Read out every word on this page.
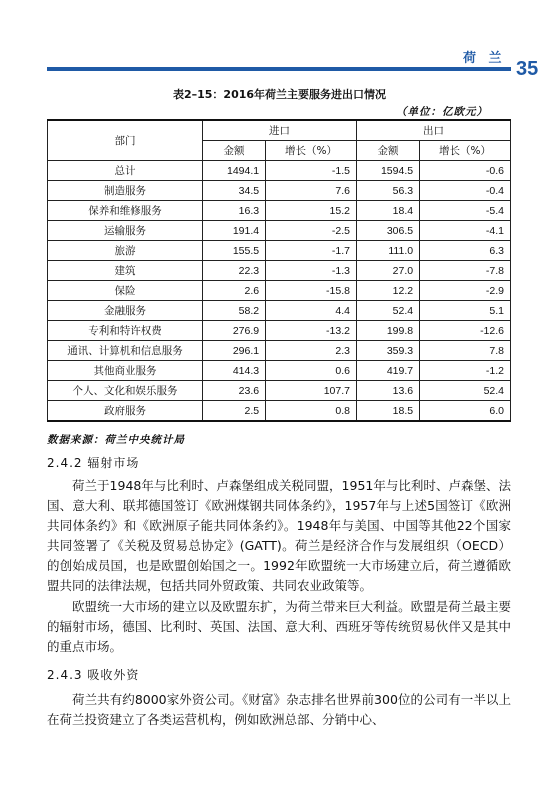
荷 兰 35
表2–15：2016年荷兰主要服务进出口情况
（单位：亿欧元）
部门	进口		出口	
	金额	增长（%）	金额	增长（%）
总计	1494.1	-1.5	1594.5	-0.6
制造服务	34.5	7.6	56.3	-0.4
保养和维修服务	16.3	15.2	18.4	-5.4
运输服务	191.4	-2.5	306.5	-4.1
旅游	155.5	-1.7	111.0	6.3
建筑	22.3	-1.3	27.0	-7.8
保险	2.6	-15.8	12.2	-2.9
金融服务	58.2	4.4	52.4	5.1
专利和特许权费	276.9	-13.2	199.8	-12.6
通讯、计算机和信息服务	296.1	2.3	359.3	7.8
其他商业服务	414.3	0.6	419.7	-1.2
个人、文化和娱乐服务	23.6	107.7	13.6	52.4
政府服务	2.5	0.8	18.5	6.0
数据来源：荷兰中央统计局
2.4.2 辐射市场
荷兰于1948年与比利时、卢森堡组成关税同盟，1951年与比利时、卢森堡、法国、意大利、联邦德国签订《欧洲煤钢共同体条约》，1957年与上述5国签订《欧洲共同体条约》和《欧洲原子能共同体条约》。1948年与美国、中国等其他22个国家共同签署了《关税及贸易总协定》(GATT)。荷兰是经济合作与发展组织（OECD）的创始成员国，也是欧盟创始国之一。1992年欧盟统一大市场建立后，荷兰遵循欧盟共同的法律法规，包括共同外贸政策、共同农业政策等。
欧盟统一大市场的建立以及欧盟东扩，为荷兰带来巨大利益。欧盟是荷兰最主要的辐射市场，德国、比利时、英国、法国、意大利、西班牙等传统贸易伙伴又是其中的重点市场。
2.4.3 吸收外资
荷兰共有约8000家外资公司。《财富》杂志排名世界前300位的公司有一半以上在荷兰投资建立了各类运营机构，例如欧洲总部、分销中心、
